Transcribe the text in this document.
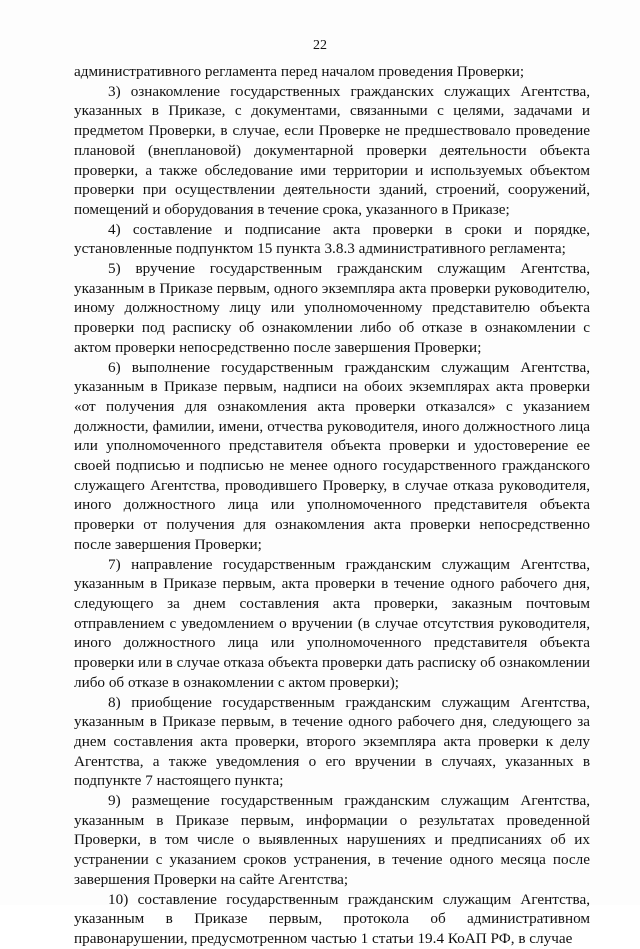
22

административного регламента перед началом проведения Проверки;

3) ознакомление государственных гражданских служащих Агентства, указанных в Приказе, с документами, связанными с целями, задачами и предметом Проверки, в случае, если Проверке не предшествовало проведение плановой (внеплановой) документарной проверки деятельности объекта проверки, а также обследование ими территории и используемых объектом проверки при осуществлении деятельности зданий, строений, сооружений, помещений и оборудования в течение срока, указанного в Приказе;

4) составление и подписание акта проверки в сроки и порядке, установленные подпунктом 15 пункта 3.8.3 административного регламента;

5) вручение государственным гражданским служащим Агентства, указанным в Приказе первым, одного экземпляра акта проверки руководителю, иному должностному лицу или уполномоченному представителю объекта проверки под расписку об ознакомлении либо об отказе в ознакомлении с актом проверки непосредственно после завершения Проверки;

6) выполнение государственным гражданским служащим Агентства, указанным в Приказе первым, надписи на обоих экземплярах акта проверки «от получения для ознакомления акта проверки отказался» с указанием должности, фамилии, имени, отчества руководителя, иного должностного лица или уполномоченного представителя объекта проверки и удостоверение ее своей подписью и подписью не менее одного государственного гражданского служащего Агентства, проводившего Проверку, в случае отказа руководителя, иного должностного лица или уполномоченного представителя объекта проверки от получения для ознакомления акта проверки непосредственно после завершения Проверки;

7) направление государственным гражданским служащим Агентства, указанным в Приказе первым, акта проверки в течение одного рабочего дня, следующего за днем составления акта проверки, заказным почтовым отправлением с уведомлением о вручении (в случае отсутствия руководителя, иного должностного лица или уполномоченного представителя объекта проверки или в случае отказа объекта проверки дать расписку об ознакомлении либо об отказе в ознакомлении с актом проверки);

8) приобщение государственным гражданским служащим Агентства, указанным в Приказе первым, в течение одного рабочего дня, следующего за днем составления акта проверки, второго экземпляра акта проверки к делу Агентства, а также уведомления о его вручении в случаях, указанных в подпункте 7 настоящего пункта;

9) размещение государственным гражданским служащим Агентства, указанным в Приказе первым, информации о результатах проведенной Проверки, в том числе о выявленных нарушениях и предписаниях об их устранении с указанием сроков устранения, в течение одного месяца после завершения Проверки на сайте Агентства;

10) составление государственным гражданским служащим Агентства, указанным в Приказе первым, протокола об административном правонарушении, предусмотренном частью 1 статьи 19.4 КоАП РФ, в случае
